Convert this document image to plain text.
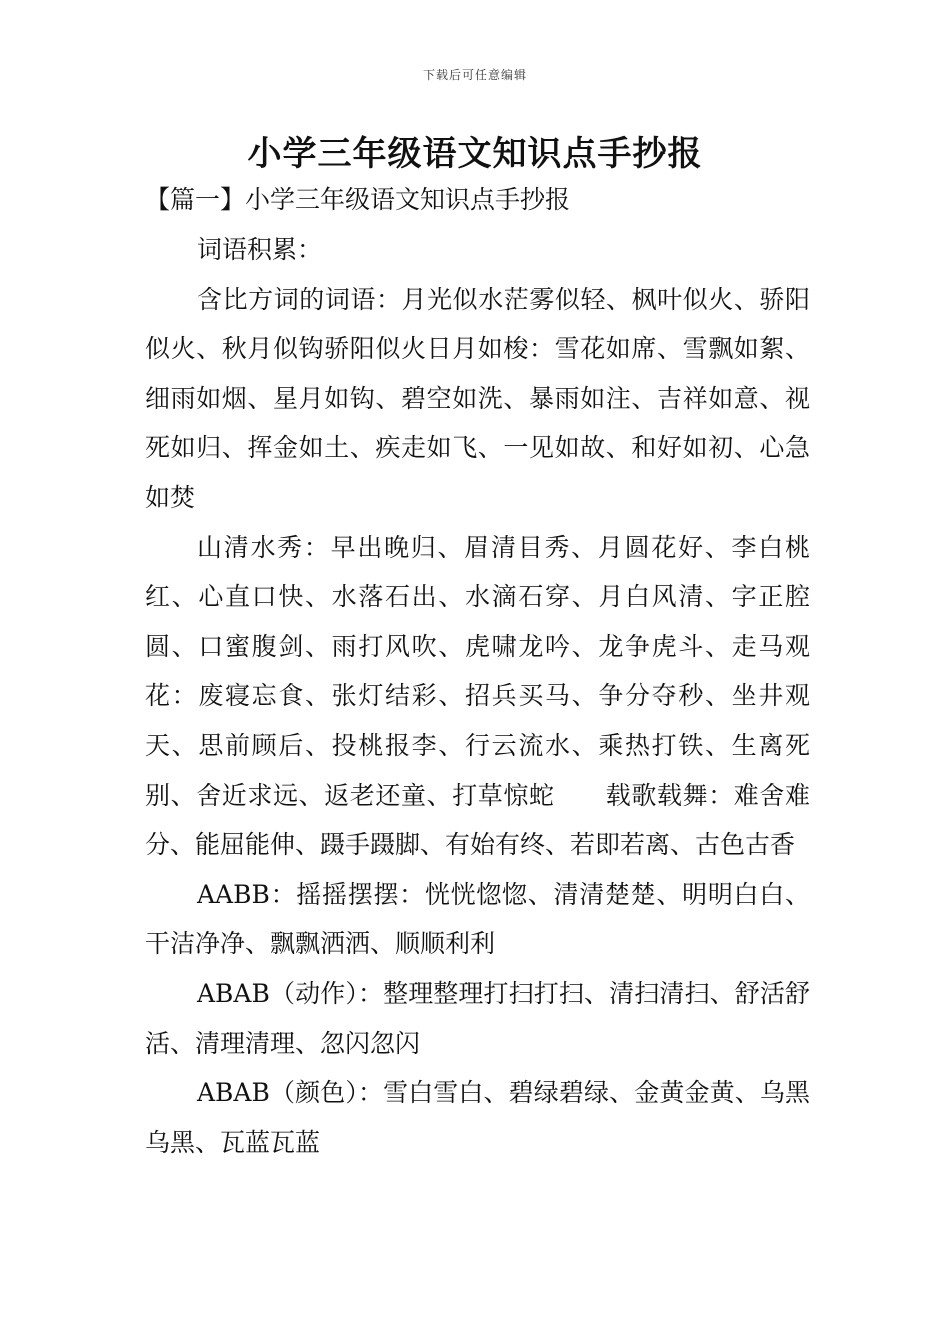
下载后可任意编辑
小学三年级语文知识点手抄报
【篇一】小学三年级语文知识点手抄报

词语积累：

含比方词的词语：月光似水茫雾似轻、枫叶似火、骄阳似火、秋月似钩骄阳似火日月如梭：雪花如席、雪飘如絮、细雨如烟、星月如钩、碧空如洗、暴雨如注、吉祥如意、视死如归、挥金如土、疾走如飞、一见如故、和好如初、心急如焚

山清水秀：早出晚归、眉清目秀、月圆花好、李白桃红、心直口快、水落石出、水滴石穿、月白风清、字正腔圆、口蜜腹剑、雨打风吹、虎啸龙吟、龙争虎斗、走马观花：废寝忘食、张灯结彩、招兵买马、争分夺秒、坐井观天、思前顾后、投桃报李、行云流水、乘热打铁、生离死别、舍近求远、返老还童、打草惊蛇　　载歌载舞：难舍难分、能屈能伸、蹑手蹑脚、有始有终、若即若离、古色古香

AABB：摇摇摆摆：恍恍惚惚、清清楚楚、明明白白、干洁净净、飘飘洒洒、顺顺利利

ABAB（动作）：整理整理打扫打扫、清扫清扫、舒活舒活、清理清理、忽闪忽闪

ABAB（颜色）：雪白雪白、碧绿碧绿、金黄金黄、乌黑乌黑、瓦蓝瓦蓝
